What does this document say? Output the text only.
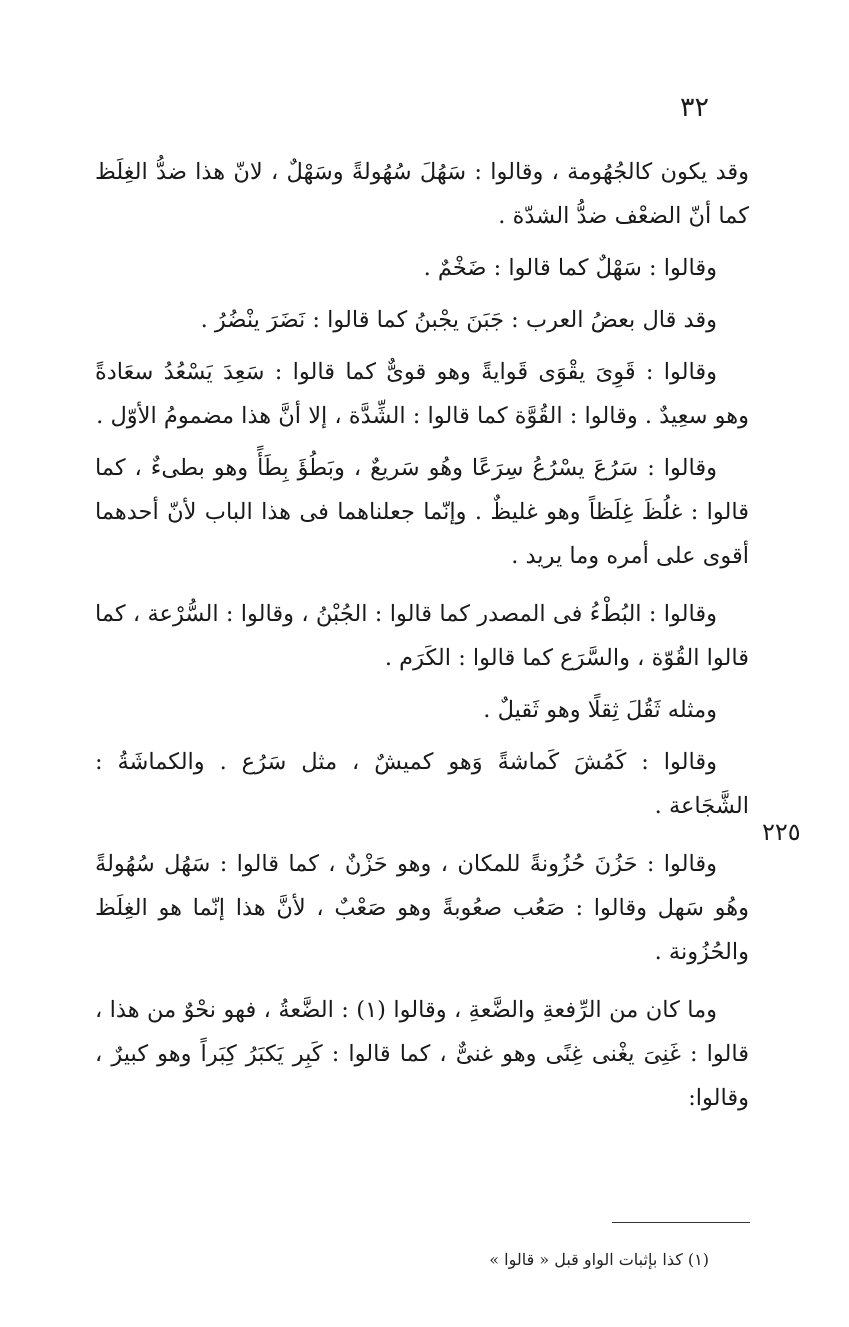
٣٢

وقد يكون كالجُهُومة ، وقالوا : سَهُلَ سُهُولةً وسَهْلٌ ، لانّ هذا ضدُّ الغِلَظ كما أنّ الضعْف ضدُّ الشدّة .

وقالوا : سَهْلٌ كما قالوا : ضَخْمٌ .

وقد قال بعضُ العرب : جَبَنَ يجْبنُ كما قالوا : نَضَرَ ينْضُرُ .

وقالوا : قَوِىَ يقْوَى قَوايةً وهو قوىٌّ كما قالوا : سَعِدَ يَسْعُدُ سعَادةً وهو سعِيدٌ . وقالوا : القُوَّة كما قالوا : الشِّدَّة ، إلا أنَّ هذا مضمومُ الأوّل .

وقالوا : سَرُعَ يسْرُعُ سِرَعًا وهُو سَريعٌ ، وبَطُؤَ بِطَأً وهو بطىءٌ ، كما قالوا : غلُظَ غِلَظاً وهو غليظٌ . وإنّما جعلناهما فى هذا الباب لأنّ أحدهما أقوى على أمره وما يريد .

وقالوا : البُطْءُ فى المصدر كما قالوا : الجُبْنُ ، وقالوا : السُّرْعة ، كما قالوا القُوّة ، والسَّرَع كما قالوا : الكَرَم .

ومثله ثَقُلَ ثِقلًا وهو ثَقيلٌ .

وقالوا : كَمُشَ كَماشةً وَهو كميشٌ ، مثل سَرُع . والكماشَةُ : الشَّجَاعة .

وقالوا : حَزُنَ حُزُونةً للمكان ، وهو حَزْنٌ ، كما قالوا : سَهُل سُهُولةً وهُو سَهل وقالوا : صَعُب صعُوبةً وهو صَعْبٌ ، لأنَّ هذا إنّما هو الغِلَظ والحُزُونة .

وما كان من الرِّفعةِ والضَّعةِ ، وقالوا (١) : الضَّعةُ ، فهو نحْوٌ من هذا ، قالوا : غَنِىَ يغْنى غِنًى وهو غنىٌّ ، كما قالوا : كَبِر يَكبَرُ كِبَراً وهو كبيرٌ ، وقالوا:

٢٢٥
(١) كذا بإثبات الواو قبل « قالوا »
